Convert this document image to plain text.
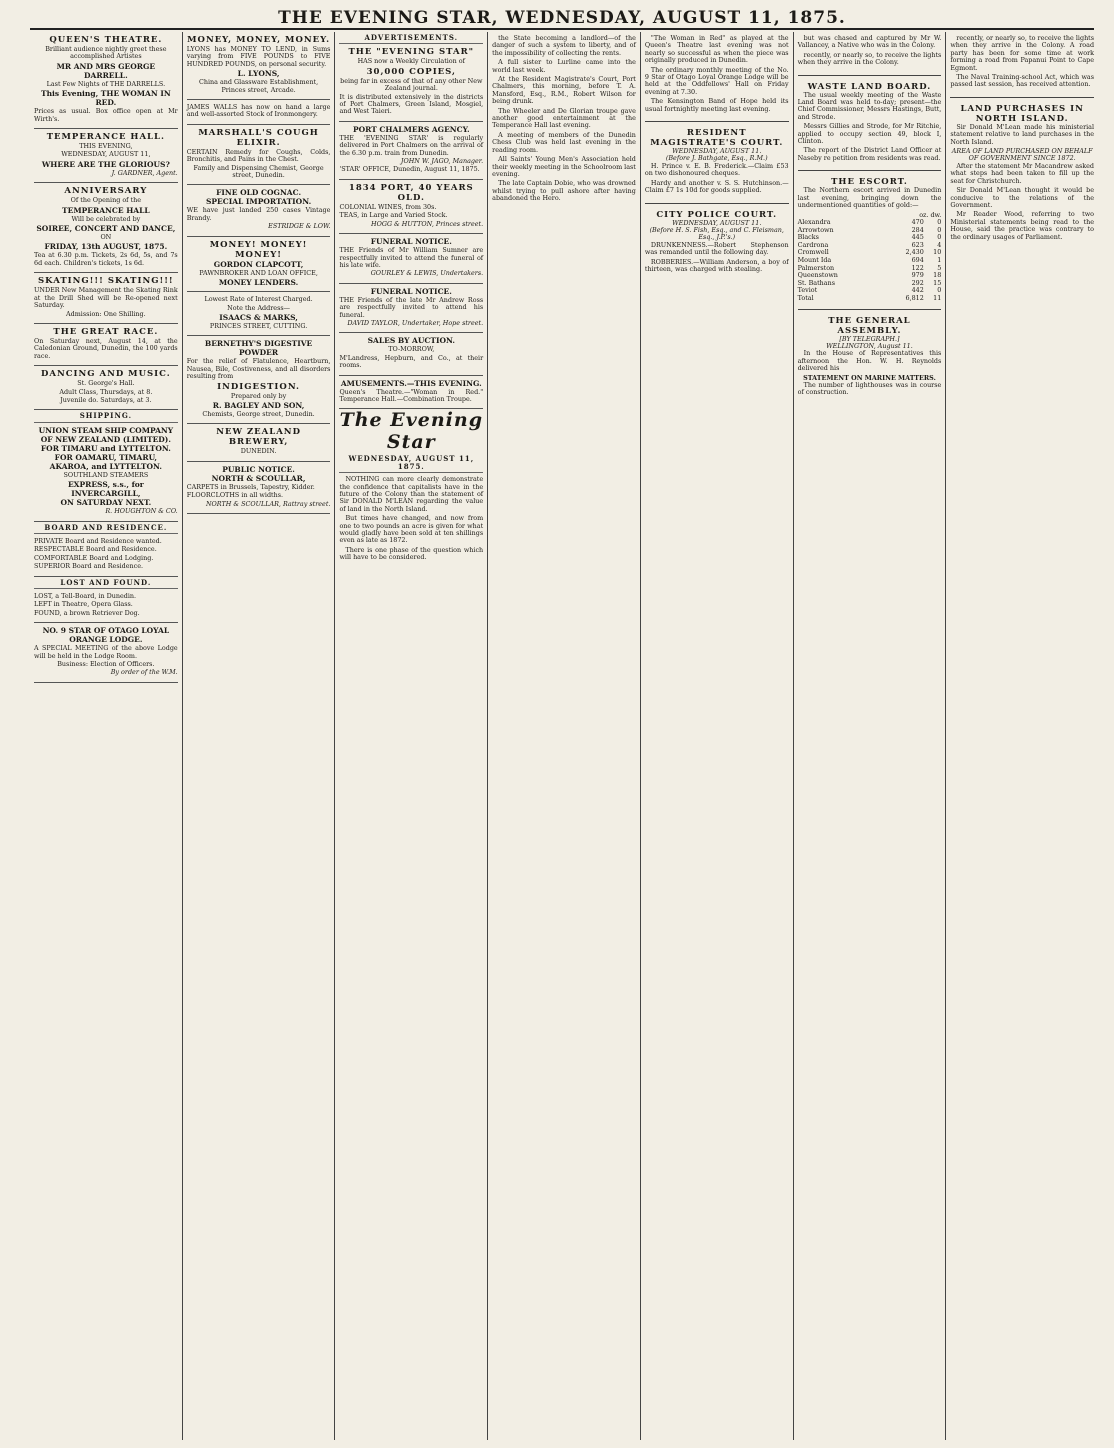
THE EVENING STAR, WEDNESDAY, AUGUST 11, 1875.
QUEEN'S THEATRE.

Brilliant audience nightly greet these accomplished Artistes

MR AND MRS GEORGE DARRELL.

Last Few Nights of THE DARRELLS.

This Evening, THE WOMAN IN RED.

Prices as usual. Box office open at Mr Wirth's.

TEMPERANCE HALL.

THIS EVENING,

WEDNESDAY, AUGUST 11,

WHERE ARE THE GLORIOUS?

J. GARDNER, Agent.

ANNIVERSARY

Of the Opening of the

TEMPERANCE HALL

Will be celebrated by

SOIREE, CONCERT AND DANCE,

ON

FRIDAY, 13th AUGUST, 1875.

Tea at 6.30 p.m. Tickets, 2s 6d, 5s, and 7s 6d each. Children's tickets, 1s 6d.

SKATING!!! SKATING!!!

UNDER New Management the Skating Rink at the Drill Shed will be Re-opened next Saturday.

Admission: One Shilling.

THE GREAT RACE.

On Saturday next, August 14, at the Caledonian Ground, Dunedin, the 100 yards race.

DANCING AND MUSIC.

St. George's Hall.

Adult Class, Thursdays, at 8.

Juvenile do. Saturdays, at 3.

SHIPPING.
UNION STEAM SHIP COMPANY OF NEW ZEALAND (LIMITED).
FOR TIMARU and LYTTELTON.
FOR OAMARU, TIMARU, AKAROA, and LYTTELTON.

SOUTHLAND STEAMERS

EXPRESS, s.s., for INVERCARGILL,
ON SATURDAY NEXT.

R. HOUGHTON & CO.

BOARD AND RESIDENCE.

PRIVATE Board and Residence wanted.

RESPECTABLE Board and Residence.

COMFORTABLE Board and Lodging.

SUPERIOR Board and Residence.

LOST AND FOUND.

LOST, a Tell-Board, in Dunedin.

LEFT in Theatre, Opera Glass.

FOUND, a brown Retriever Dog.

NO. 9 STAR OF OTAGO LOYAL ORANGE LODGE.

A SPECIAL MEETING of the above Lodge will be held in the Lodge Room.

Business: Election of Officers.

By order of the W.M.

MONEY, MONEY, MONEY.

LYONS has MONEY TO LEND, in Sums varying from FIVE POUNDS to FIVE HUNDRED POUNDS, on personal security.

L. LYONS,

China and Glassware Establishment, Princes street, Arcade.

JAMES WALLS has now on hand a large and well-assorted Stock of Ironmongery.

MARSHALL'S COUGH ELIXIR.

CERTAIN Remedy for Coughs, Colds, Bronchitis, and Pains in the Chest.

Family and Dispensing Chemist, George street, Dunedin.

FINE OLD COGNAC.
SPECIAL IMPORTATION.

WE have just landed 250 cases Vintage Brandy.

ESTRIDGE & LOW.

MONEY! MONEY! MONEY!
GORDON CLAPCOTT,

PAWNBROKER AND LOAN OFFICE,

MONEY LENDERS.

Lowest Rate of Interest Charged.

Note the Address—

ISAACS & MARKS,

PRINCES STREET, CUTTING.

BERNETHY'S DIGESTIVE POWDER

For the relief of Flatulence, Heartburn, Nausea, Bile, Costiveness, and all disorders resulting from

INDIGESTION.

Prepared only by

R. BAGLEY AND SON,

Chemists, George street, Dunedin.

NEW ZEALAND BREWERY,

DUNEDIN.

PUBLIC NOTICE.
NORTH & SCOULLAR,

CARPETS in Brussels, Tapestry, Kidder.

FLOORCLOTHS in all widths.

NORTH & SCOULLAR, Rattray street.

ADVERTISEMENTS.
THE "EVENING STAR"

HAS now a Weekly Circulation of

30,000 COPIES,

being far in excess of that of any other New Zealand journal.

It is distributed extensively in the districts of Port Chalmers, Green Island, Mosgiel, and West Taieri.

PORT CHALMERS AGENCY.

THE 'EVENING STAR' is regularly delivered in Port Chalmers on the arrival of the 6.30 p.m. train from Dunedin.

JOHN W. JAGO, Manager.

'STAR' OFFICE, Dunedin, August 11, 1875.

1834 PORT, 40 YEARS OLD.

COLONIAL WINES, from 30s.

TEAS, in Large and Varied Stock.

HOGG & HUTTON, Princes street.

FUNERAL NOTICE.

THE Friends of Mr William Sumner are respectfully invited to attend the funeral of his late wife.

GOURLEY & LEWIS, Undertakers.

FUNERAL NOTICE.

THE Friends of the late Mr Andrew Ross are respectfully invited to attend his funeral.

DAVID TAYLOR, Undertaker, Hope street.

SALES BY AUCTION.

TO-MORROW,

M'Landress, Hepburn, and Co., at their rooms.

AMUSEMENTS.—THIS EVENING.

Queen's Theatre.—"Woman in Red." Temperance Hall.—Combination Troupe.

The Evening Star
WEDNESDAY, AUGUST 11, 1875.

NOTHING can more clearly demonstrate the confidence that capitalists have in the future of the Colony than the statement of Sir DONALD M'LEAN regarding the value of land in the North Island.

But times have changed, and now from one to two pounds an acre is given for what would gladly have been sold at ten shillings even as late as 1872.

There is one phase of the question which will have to be considered.

the State becoming a landlord—of the danger of such a system to liberty, and of the impossibility of collecting the rents.

A full sister to Lurline came into the world last week.

At the Resident Magistrate's Court, Port Chalmers, this morning, before T. A. Mansford, Esq., R.M., Robert Wilson for being drunk.

The Wheeler and De Glorian troupe gave another good entertainment at the Temperance Hall last evening.

A meeting of members of the Dunedin Chess Club was held last evening in the reading room.

All Saints' Young Men's Association held their weekly meeting in the Schoolroom last evening.

The late Captain Dobie, who was drowned whilst trying to pull ashore after having abandoned the Hero.

"The Woman in Red" as played at the Queen's Theatre last evening was not nearly so successful as when the piece was originally produced in Dunedin.

The ordinary monthly meeting of the No. 9 Star of Otago Loyal Orange Lodge will be held at the Oddfellows' Hall on Friday evening at 7.30.

The Kensington Band of Hope held its usual fortnightly meeting last evening.

RESIDENT MAGISTRATE'S COURT.
WEDNESDAY, AUGUST 11.
(Before J. Bathgate, Esq., R.M.)

H. Prince v. E. B. Frederick.—Claim £53 on two dishonoured cheques.

Hardy and another v. S. S. Hutchinson.—Claim £7 1s 10d for goods supplied.

CITY POLICE COURT.
WEDNESDAY, AUGUST 11.
(Before H. S. Fish, Esq., and C. Fleisman, Esq., J.P.'s.)

DRUNKENNESS.—Robert Stephenson was remanded until the following day.

ROBBERIES.—William Anderson, a boy of thirteen, was charged with stealing.

but was chased and captured by Mr W. Vallancey, a Native who was in the Colony.

recently, or nearly so, to receive the lights when they arrive in the Colony.

WASTE LAND BOARD.

The usual weekly meeting of the Waste Land Board was held to-day; present—the Chief Commissioner, Messrs Hastings, Butt, and Strode.

Messrs Gillies and Strode, for Mr Ritchie, applied to occupy section 49, block I, Clinton.

The report of the District Land Officer at Naseby re petition from residents was read.

THE ESCORT.

The Northern escort arrived in Dunedin last evening, bringing down the undermentioned quantities of gold:—

	oz. dw.	
Alexandra	470	0
Arrowtown	284	0
Blacks	445	0
Cardrona	623	4
Cromwell	2,430	10
Mount Ida	694	1
Palmerston	122	5
Queenstown	979	18
St. Bathans	292	15
Teviot	442	0
Total	6,812	11
THE GENERAL ASSEMBLY.
[BY TELEGRAPH.]
WELLINGTON, August 11.

In the House of Representatives this afternoon the Hon. W. H. Reynolds delivered his

STATEMENT ON MARINE MATTERS.

The number of lighthouses was in course of construction.

recently, or nearly so, to receive the lights when they arrive in the Colony. A road party has been for some time at work forming a road from Papanui Point to Cape Egmont.

The Naval Training-school Act, which was passed last session, has received attention.

LAND PURCHASES IN NORTH ISLAND.

Sir Donald M'Lean made his ministerial statement relative to land purchases in the North Island.

AREA OF LAND PURCHASED ON BEHALF OF GOVERNMENT SINCE 1872.

After the statement Mr Macandrew asked what steps had been taken to fill up the seat for Christchurch.

Sir Donald M'Lean thought it would be conducive to the relations of the Government.

Mr Reader Wood, referring to two Ministerial statements being read to the House, said the practice was contrary to the ordinary usages of Parliament.
